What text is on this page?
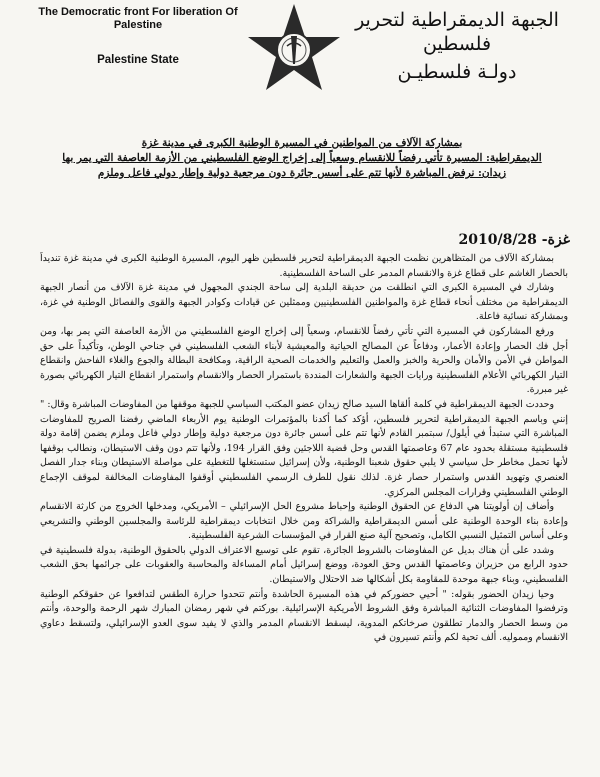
The Democratic front For liberation Of Palestine
Palestine State
الجبهة الديمقراطية لتحرير فلسطين
دولـة فلسطيـن
بمشاركة الآلاف من المواطنين في المسيرة الوطنية الكبرى في مدينة غزة
الديمقراطية: المسيرة تأتي رفضاً للانقسام وسعياً إلى إخراج الوضع الفلسطيني من الأزمة العاصفة التي يمر بها
زيدان: نرفض المباشرة لأنها تتم على أسس جائرة دون مرجعية دولية وإطار دولي فاعل وملزم
غزة- 2010/8/28

بمشاركة الآلاف من المتظاهرين نظمت الجبهة الديمقراطية لتحرير فلسطين ظهر اليوم، المسيرة الوطنية الكبرى في مدينة غزة تنديداً بالحصار الغاشم على قطاع غزة والانقسام المدمر على الساحة الفلسطينية.

وشارك في المسيرة الكبرى التي انطلقت من حديقة البلدية إلى ساحة الجندي المجهول في مدينة غزة الآلاف من أنصار الجبهة الديمقراطية من مختلف أنحاء قطاع غزة والمواطنين الفلسطينيين وممثلين عن قيادات وكوادر الجبهة والقوى والفصائل الوطنية في غزة، وبمشاركة نسائية فاعلة.

ورفع المشاركون في المسيرة التي تأتي رفضاً للانقسام، وسعياً إلى إخراج الوضع الفلسطيني من الأزمة العاصفة التي يمر بها، ومن أجل فك الحصار وإعادة الأعمار، ودفاعاً عن المصالح الحياتية والمعيشية لأبناء الشعب الفلسطيني في جناحي الوطن، وتأكيداً على حق المواطن في الأمن والأمان والحرية والخبز والعمل والتعليم والخدمات الصحية الراقية، ومكافحة البطالة والجوع والغلاء الفاحش وانقطاع التيار الكهربائي الأعلام الفلسطينية ورايات الجبهة والشعارات المنددة باستمرار الحصار والانقسام واستمرار انقطاع التيار الكهربائي بصورة غير مبررة.

وحددت الجبهة الديمقراطية في كلمة ألقاها السيد صالح زيدان عضو المكتب السياسي للجبهة موقفها من المفاوضات المباشرة وقال: " إنني وباسم الجبهة الديمقراطية لتحرير فلسطين، أؤكد كما أكدنا بالمؤتمرات الوطنية يوم الأربعاء الماضي رفضنا الصريح للمفاوضات المباشرة التي ستبدأ في أيلول/ سبتمبر القادم لأنها تتم على أسس جائرة دون مرجعية دولية وإطار دولي فاعل وملزم يضمن إقامة دولة فلسطينية مستقلة بحدود عام 67 وعاصمتها القدس وحل قضية اللاجئين وفق القرار 194، ولأنها تتم دون وقف الاستيطان، ونطالب بوقفها لأنها تحمل مخاطر حل سياسي لا يلبي حقوق شعبنا الوطنية، ولأن إسرائيل ستستغلها للتغطية على مواصلة الاستيطان وبناء جدار الفصل العنصري وتهويد القدس واستمرار حصار غزة. لذلك نقول للطرف الرسمي الفلسطيني أوقفوا المفاوضات المخالفة لموقف الإجماع الوطني الفلسطيني وقرارات المجلس المركزي.

وأضاف إن أولويتنا هي الدفاع عن الحقوق الوطنية وإحباط مشروع الحل الإسرائيلي – الأمريكي، ومدخلها الخروج من كارثة الانقسام وإعادة بناء الوحدة الوطنية على أسس الديمقراطية والشراكة ومن خلال انتخابات ديمقراطية للرئاسة والمجلسين الوطني والتشريعي وعلى أساس التمثيل النسبي الكامل، وتصحيح آلية صنع القرار في المؤسسات الشرعية الفلسطينية.

وشدد على أن هناك بديل عن المفاوضات بالشروط الجائرة، تقوم على توسيع الاعتراف الدولي بالحقوق الوطنية، بدولة فلسطينية في حدود الرابع من حزيران وعاصمتها القدس وحق العودة، ووضع إسرائيل أمام المساءلة والمحاسبة والعقوبات على جرائمها بحق الشعب الفلسطيني، وبناء جبهة موحدة للمقاومة بكل أشكالها ضد الاحتلال والاستيطان.

وحيا زيدان الحضور بقوله: " أحيي حضوركم في هذه المسيرة الحاشدة وأنتم تتحدوا حرارة الطقس لتدافعوا عن حقوقكم الوطنية وترفضوا المفاوضات الثنائية المباشرة وفق الشروط الأمريكية الإسرائيلية. بوركتم في شهر رمضان المبارك شهر الرحمة والوحدة، وأنتم من وسط الحصار والدمار تطلقون صرخاتكم المدوية، ليسقط الانقسام المدمر والذي لا يفيد سوى العدو الإسرائيلي، ولتسقط دعاوي الانقسام ومموليه. ألف تحية لكم وأنتم تسيرون في
